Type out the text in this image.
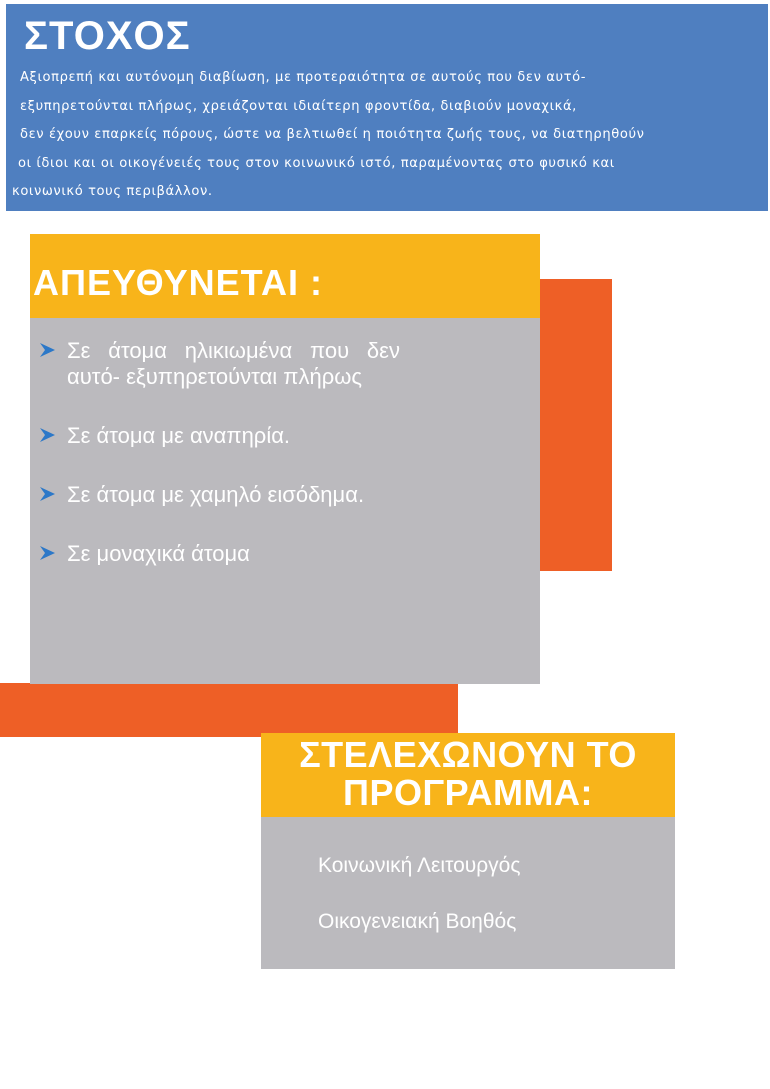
ΣΤΟΧΟΣ

Αξιοπρεπή και αυτόνομη διαβίωση, με προτεραιότητα σε αυτούς που δεν αυτό-
εξυπηρετούνται πλήρως, χρειάζονται ιδιαίτερη φροντίδα, διαβιούν μοναχικά,
δεν έχουν επαρκείς πόρους, ώστε να βελτιωθεί η ποιότητα ζωής τους, να διατηρηθούν
οι ίδιοι και οι οικογένειές τους στον κοινωνικό ιστό, παραμένοντας στο φυσικό και
κοινωνικό τους περιβάλλον.

ΑΠΕΥΘΥΝΕΤΑΙ :
Σε άτομα ηλικιωμένα που δεν αυτό- εξυπηρετούνται πλήρως
Σε άτομα με αναπηρία.
Σε άτομα με χαμηλό εισόδημα.
Σε μοναχικά άτομα
ΣΤΕΛΕΧΩΝΟΥΝ ΤΟ
ΠΡΟΓΡΑΜΜΑ:
Κοινωνική Λειτουργός
Οικογενειακή Βοηθός
